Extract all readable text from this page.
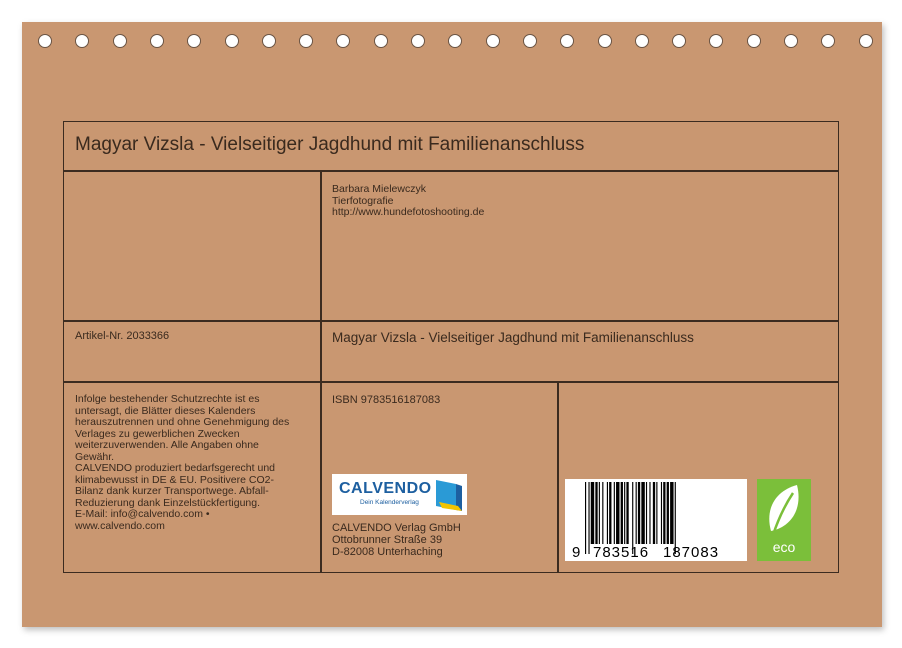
Magyar Vizsla - Vielseitiger Jagdhund mit Familienanschluss
Barbara Mielewczyk
Tierfotografie
http://www.hundefotoshooting.de
Artikel-Nr. 2033366	Magyar Vizsla - Vielseitiger Jagdhund mit Familienanschluss
Infolge bestehender Schutzrechte ist es
untersagt, die Blätter dieses Kalenders
herauszutrennen und ohne Genehmigung des
Verlages zu gewerblichen Zwecken
weiterzuverwenden. Alle Angaben ohne
Gewähr.
CALVENDO produziert bedarfsgerecht und
klimabewusst in DE & EU. Positivere CO2-
Bilanz dank kurzer Transportwege. Abfall-
Reduzierung dank Einzelstückfertigung.
E-Mail: info@calvendo.com •
www.calvendo.com
ISBN 9783516187083
CALVENDO
Dein Kalenderverlag
CALVENDO Verlag GmbH
Ottobrunner Straße 39
D-82008 Unterhaching	9 783516 187083	eco
